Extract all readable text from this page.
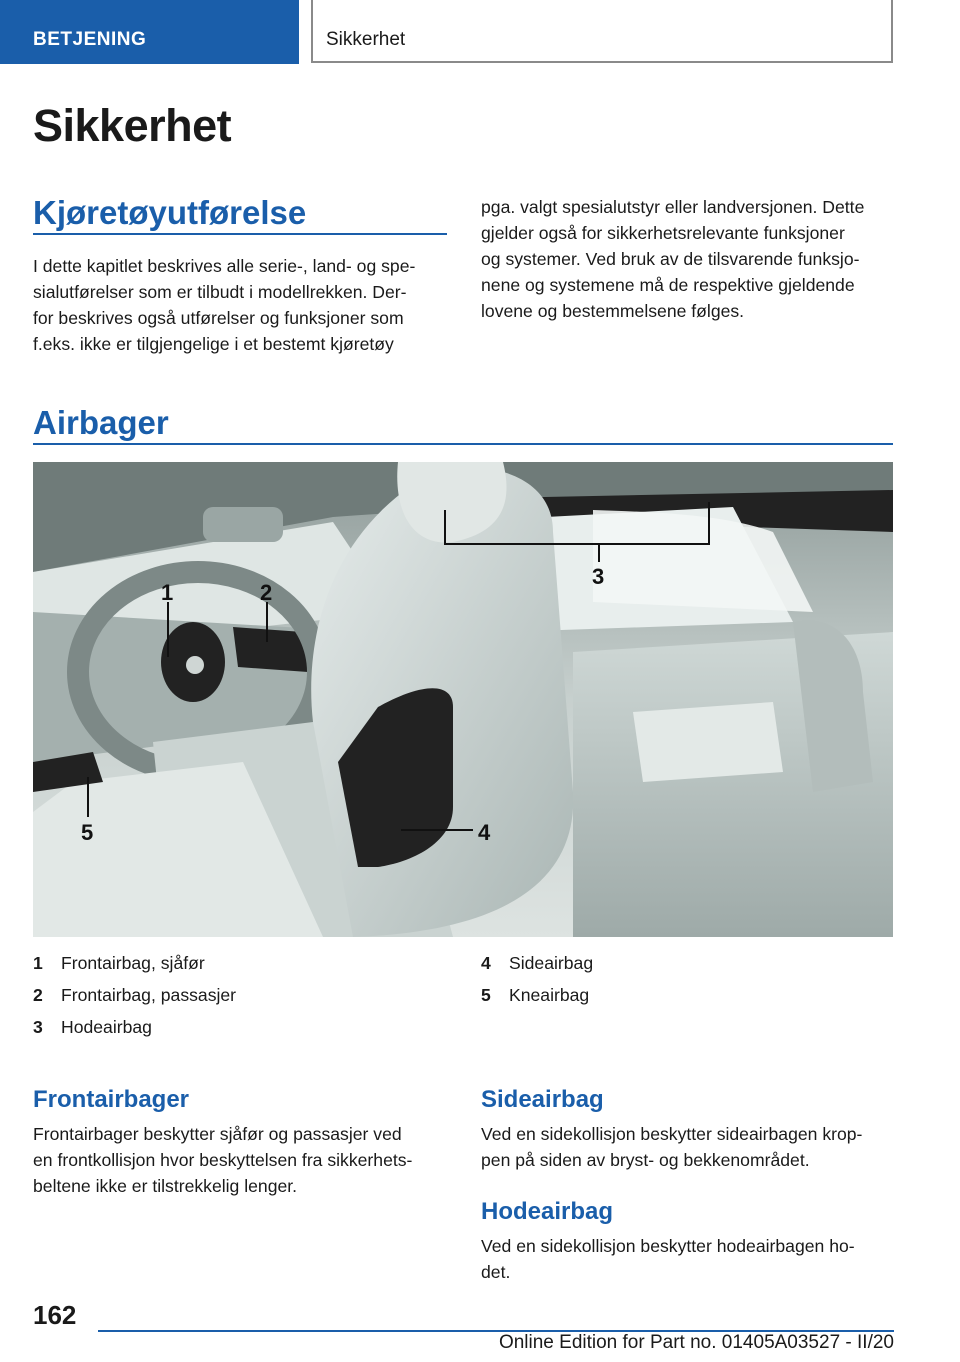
BETJENING	Sikkerhet
Sikkerhet
Kjøretøyutførelse
I dette kapitlet beskrives alle serie-, land- og spe-
sialutførelser som er tilbudt i modellrekken. Der-
for beskrives også utførelser og funksjoner som
f.eks. ikke er tilgjengelige i et bestemt kjøretøy
pga. valgt spesialutstyr eller landversjonen. Dette
gjelder også for sikkerhetsrelevante funksjoner
og systemer. Ved bruk av de tilsvarende funksjo-
nene og systemene må de respektive gjeldende
lovene og bestemmelsene følges.
Airbager
1	2
3
4
5
1	Frontairbag, sjåfør
2	Frontairbag, passasjer
3	Hodeairbag
4	Sideairbag
5	Kneairbag
Frontairbager
Frontairbager beskytter sjåfør og passasjer ved
en frontkollisjon hvor beskyttelsen fra sikkerhets-
beltene ikke er tilstrekkelig lenger.
Sideairbag
Ved en sidekollisjon beskytter sideairbagen krop-
pen på siden av bryst- og bekkenområdet.
Hodeairbag
Ved en sidekollisjon beskytter hodeairbagen ho-
det.
162
Online Edition for Part no. 01405A03527 - II/20
